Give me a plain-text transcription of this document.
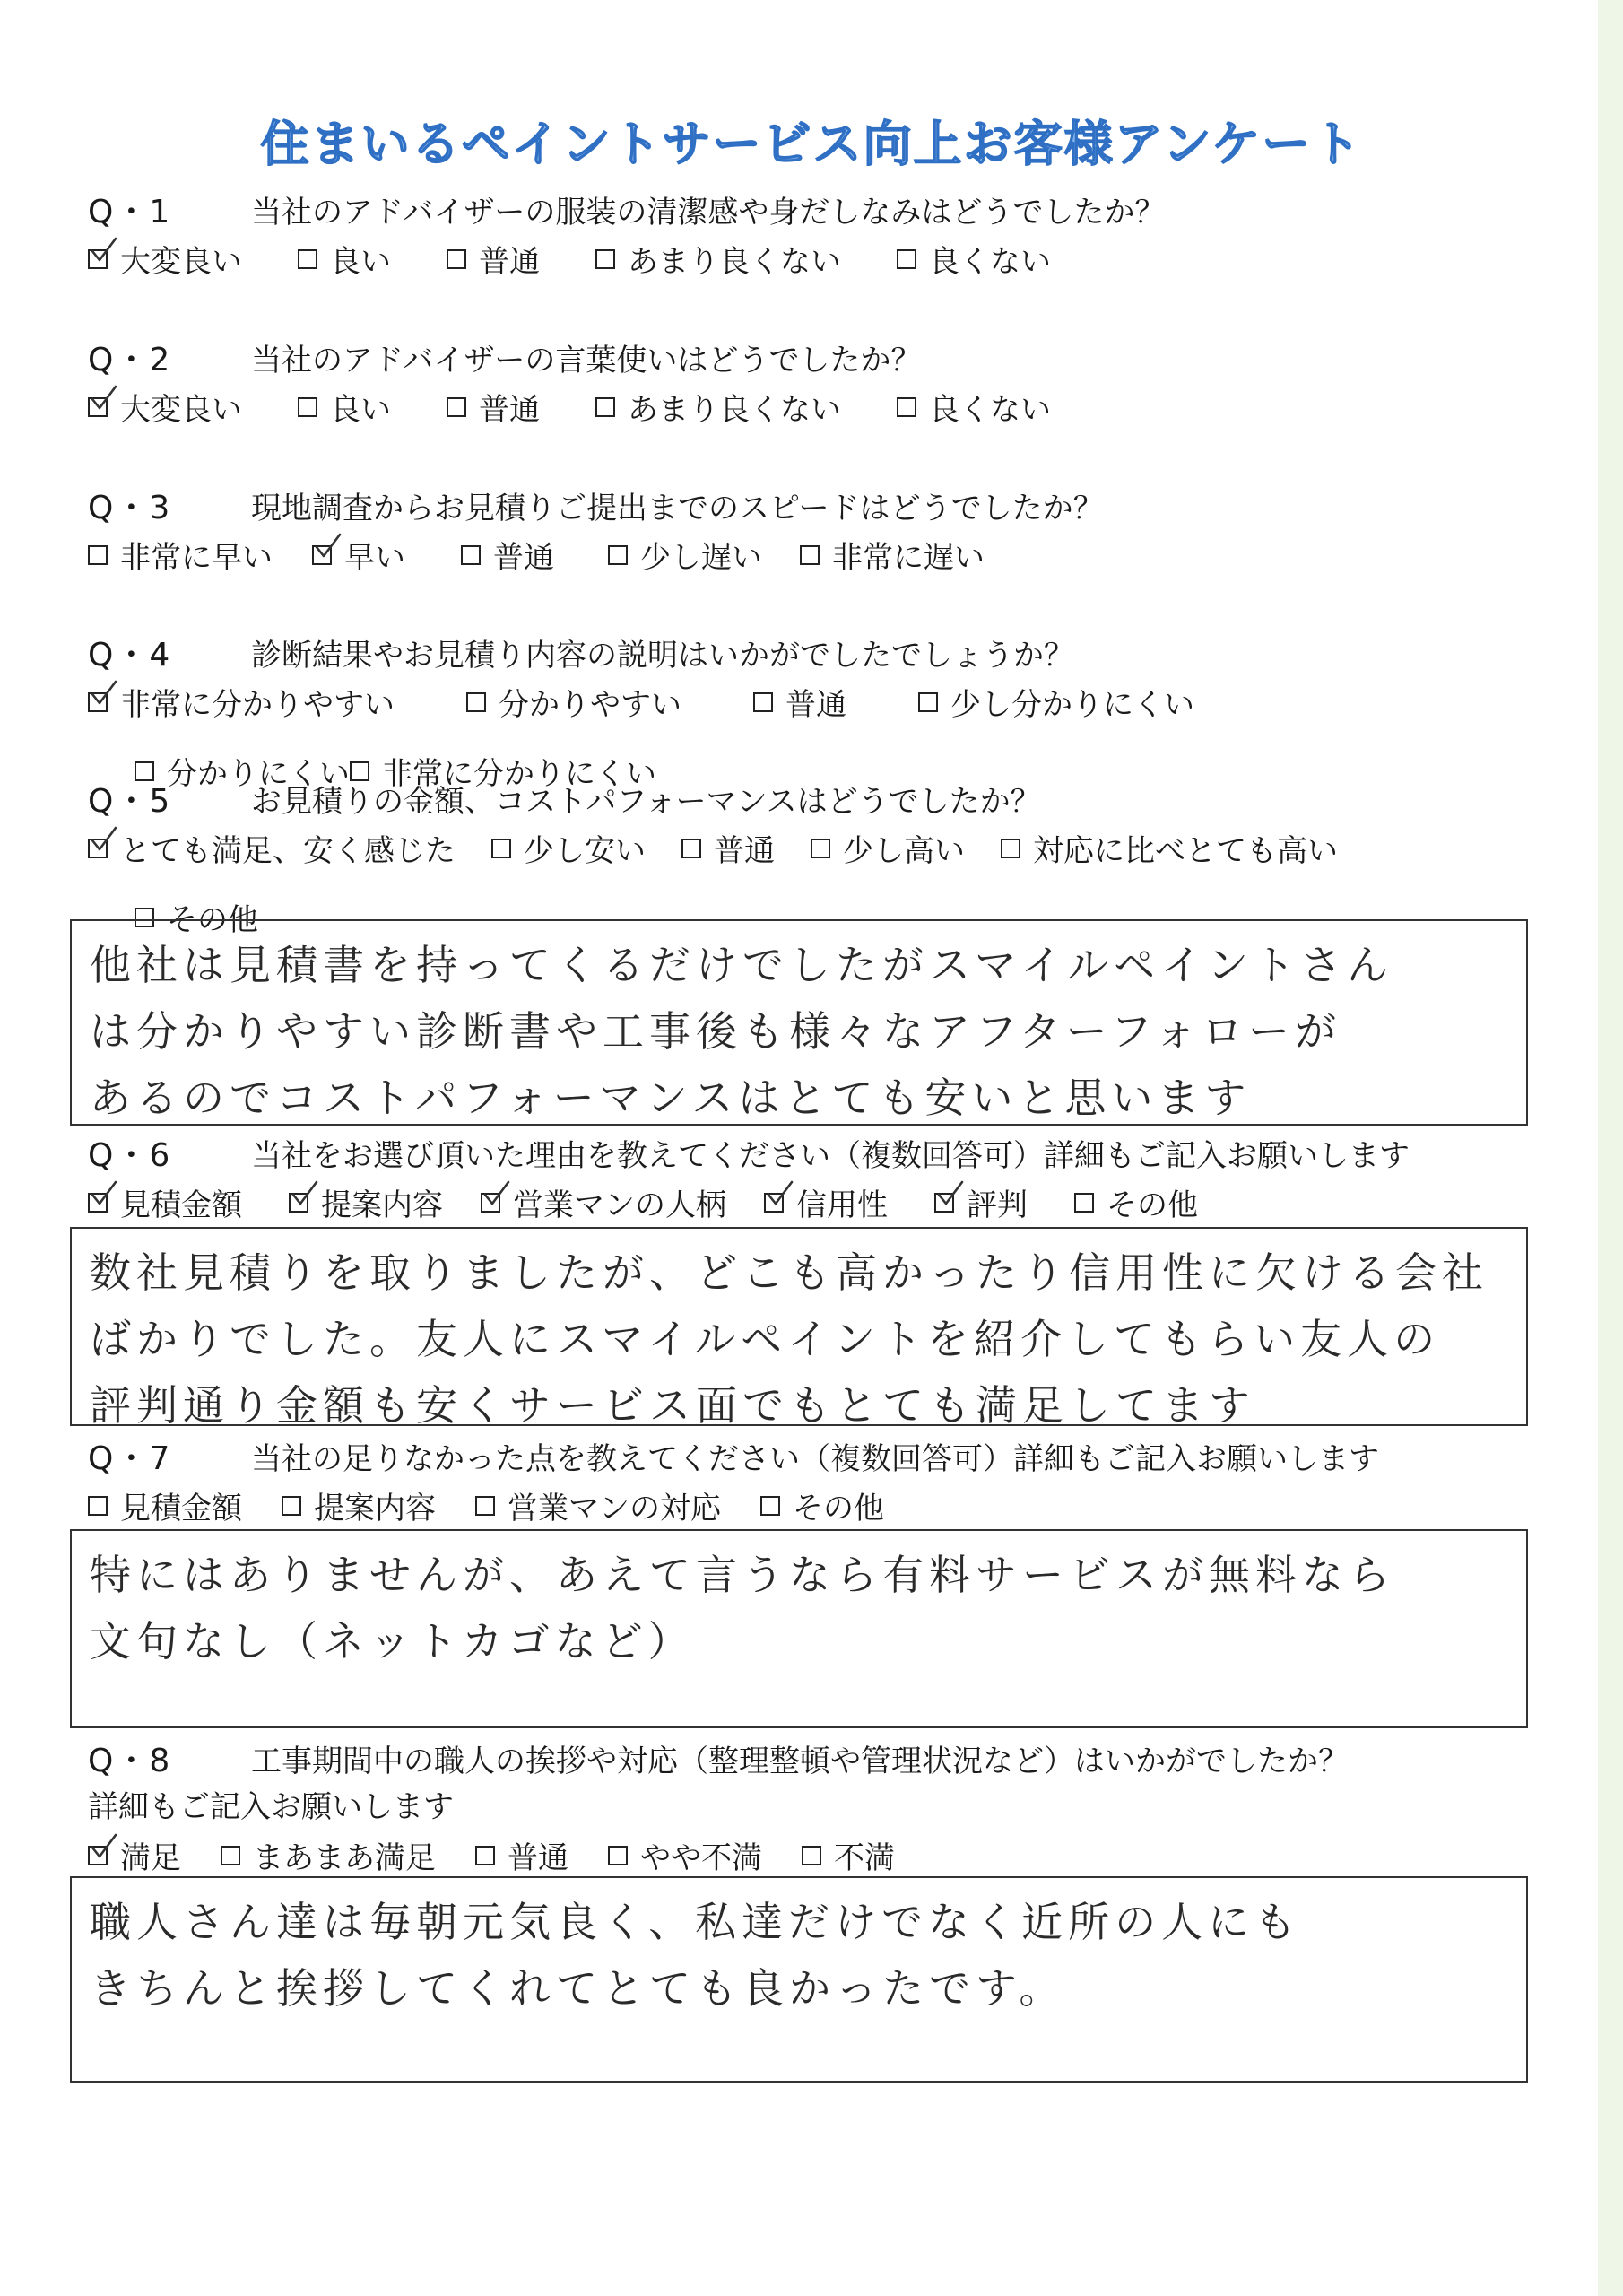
住まいるペイントサービス向上お客様アンケート
Q・1	当社のアドバイザーの服装の清潔感や身だしなみはどうでしたか？
大変良い	良い	普通	あまり良くない	良くない
Q・2	当社のアドバイザーの言葉使いはどうでしたか？
大変良い	良い	普通	あまり良くない	良くない
Q・3	現地調査からお見積りご提出までのスピードはどうでしたか？
非常に早い 早い	普通	少し遅い 非常に遅い
Q・4	診断結果やお見積り内容の説明はいかがでしたでしょうか？
非常に分かりやすい	分かりやすい	普通	少し分かりにくい
分かりにくい 非常に分かりにくい
Q・5	お見積りの金額、コストパフォーマンスはどうでしたか？
とても満足、安く感じた 少し安い 普通 少し高い 対応に比べとても高い
その他
他社は見積書を持ってくるだけでしたがスマイルペイントさん
は分かりやすい診断書や工事後も様々なアフターフォローが
あるのでコストパフォーマンスはとても安いと思います
Q・6	当社をお選び頂いた理由を教えてください（複数回答可）詳細もご記入お願いします
見積金額	提案内容 営業マンの人柄 信用性	評判	その他
数社見積りを取りましたが、どこも高かったり信用性に欠ける会社
ばかりでした。友人にスマイルペイントを紹介してもらい友人の
評判通り金額も安くサービス面でもとても満足してます
Q・7	当社の足りなかった点を教えてください（複数回答可）詳細もご記入お願いします
見積金額 提案内容 営業マンの対応 その他
特にはありませんが、あえて言うなら有料サービスが無料なら
文句なし（ネットカゴなど）
Q・8	工事期間中の職人の挨拶や対応（整理整頓や管理状況など）はいかがでしたか？
詳細もご記入お願いします
満足 まあまあ満足 普通 やや不満 不満
職人さん達は毎朝元気良く、私達だけでなく近所の人にも
きちんと挨拶してくれてとても良かったです。
